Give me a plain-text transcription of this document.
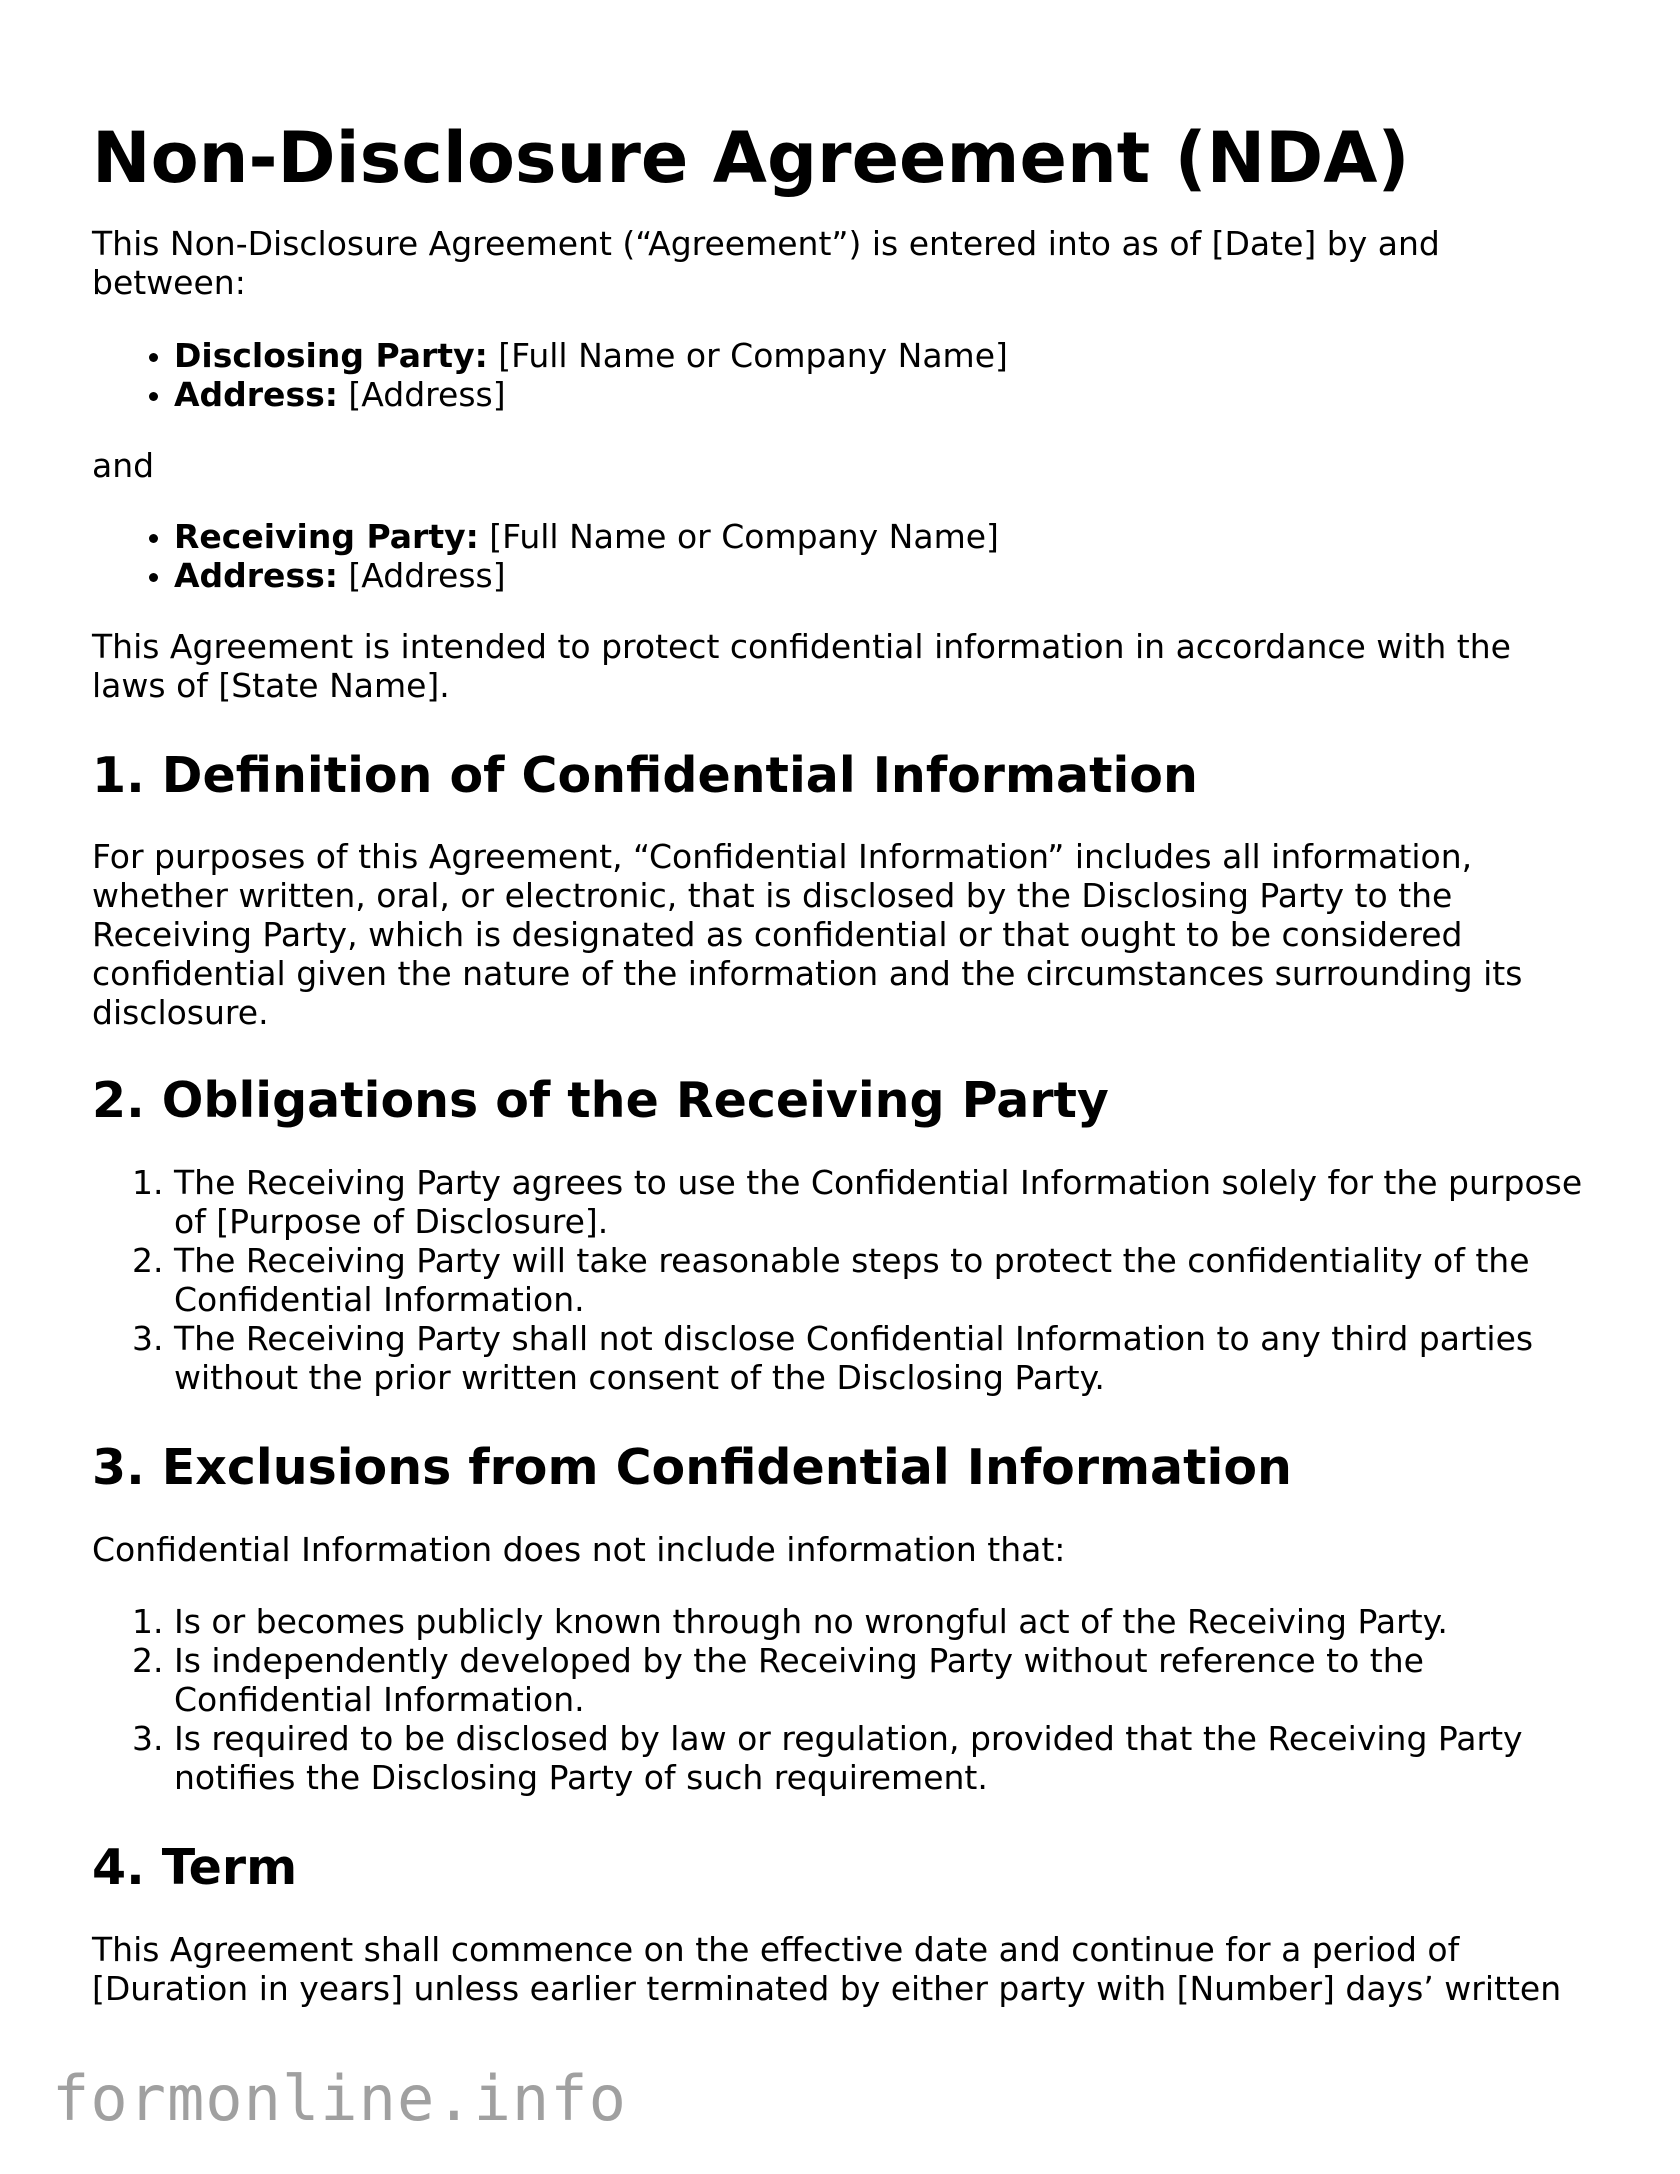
Non-Disclosure Agreement (NDA)

This Non-Disclosure Agreement (“Agreement”) is entered into as of [Date] by and between:

• Disclosing Party: [Full Name or Company Name]
• Address: [Address]

and

• Receiving Party: [Full Name or Company Name]
• Address: [Address]

This Agreement is intended to protect confidential information in accordance with the laws of [State Name].

1. Definition of Confidential Information

For purposes of this Agreement, “Confidential Information” includes all information, whether written, oral, or electronic, that is disclosed by the Disclosing Party to the Receiving Party, which is designated as confidential or that ought to be considered confidential given the nature of the information and the circumstances surrounding its disclosure.

2. Obligations of the Receiving Party
1. The Receiving Party agrees to use the Confidential Information solely for the purpose of [Purpose of Disclosure].
2. The Receiving Party will take reasonable steps to protect the confidentiality of the Confidential Information.
3. The Receiving Party shall not disclose Confidential Information to any third parties without the prior written consent of the Disclosing Party.
3. Exclusions from Confidential Information

Confidential Information does not include information that:

1. Is or becomes publicly known through no wrongful act of the Receiving Party.
2. Is independently developed by the Receiving Party without reference to the Confidential Information.
3. Is required to be disclosed by law or regulation, provided that the Receiving Party notifies the Disclosing Party of such requirement.
4. Term

This Agreement shall commence on the effective date and continue for a period of [Duration in years] unless earlier terminated by either party with [Number] days’ written

formonline.info
